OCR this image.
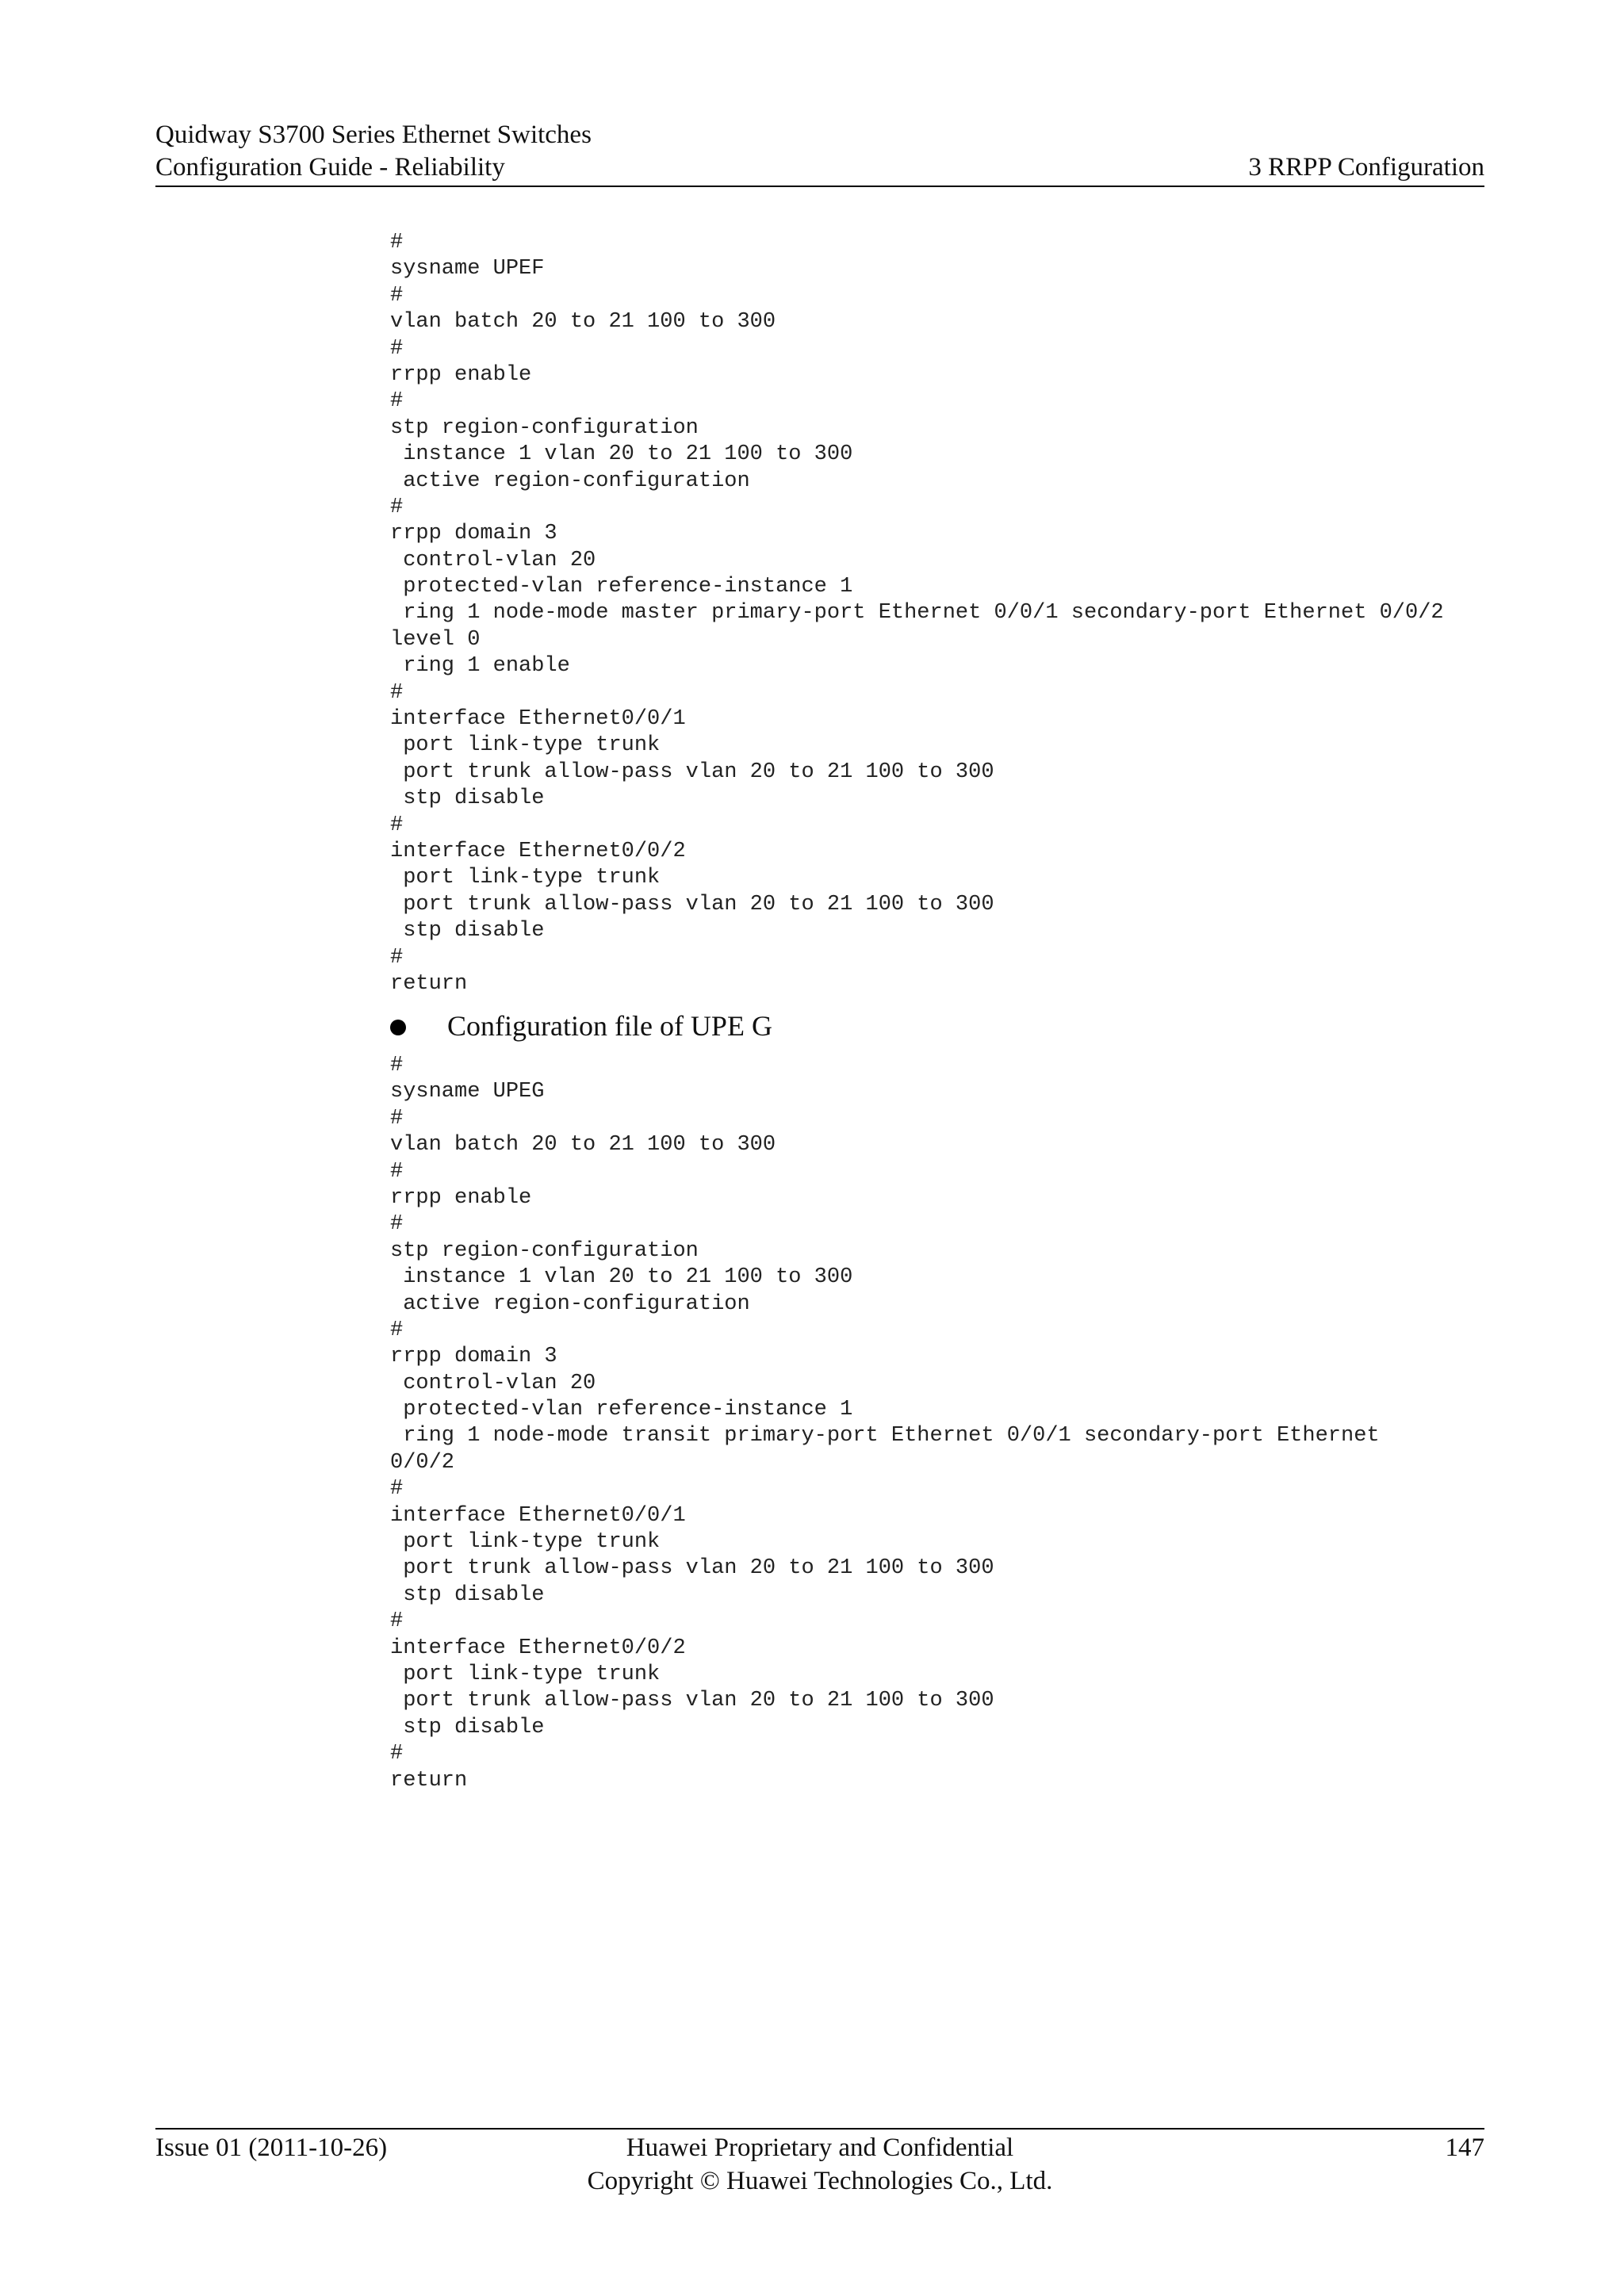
Quidway S3700 Series Ethernet Switches
Configuration Guide - Reliability	3 RRPP Configuration
#
sysname UPEF
#
vlan batch 20 to 21 100 to 300
#
rrpp enable
#
stp region-configuration
instance 1 vlan 20 to 21 100 to 300
active region-configuration
#
rrpp domain 3
control-vlan 20
protected-vlan reference-instance 1
ring 1 node-mode master primary-port Ethernet 0/0/1 secondary-port Ethernet 0/0/2
level 0
ring 1 enable
#
interface Ethernet0/0/1
port link-type trunk
port trunk allow-pass vlan 20 to 21 100 to 300
stp disable
#
interface Ethernet0/0/2
port link-type trunk
port trunk allow-pass vlan 20 to 21 100 to 300
stp disable
#
return
Configuration file of UPE G
#
sysname UPEG
#
vlan batch 20 to 21 100 to 300
#
rrpp enable
#
stp region-configuration
instance 1 vlan 20 to 21 100 to 300
active region-configuration
#
rrpp domain 3
control-vlan 20
protected-vlan reference-instance 1
ring 1 node-mode transit primary-port Ethernet 0/0/1 secondary-port Ethernet
0/0/2
#
interface Ethernet0/0/1
port link-type trunk
port trunk allow-pass vlan 20 to 21 100 to 300
stp disable
#
interface Ethernet0/0/2
port link-type trunk
port trunk allow-pass vlan 20 to 21 100 to 300
stp disable
#
return
Issue 01 (2011-10-26)	Huawei Proprietary and Confidential
Copyright © Huawei Technologies Co., Ltd.
147
